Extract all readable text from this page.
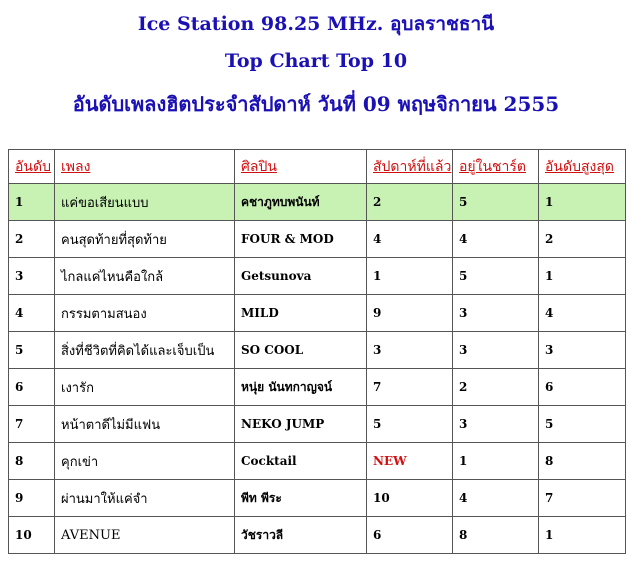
Ice Station 98.25 MHz. อุบลราชธานี
Top Chart Top 10
อันดับเพลงฮิตประจำสัปดาห์ วันที่ 09 พฤษจิกายน 2555
อันดับ	เพลง	ศิลปิน	สัปดาห์ที่แล้ว	อยู่ในชาร์ต	อันดับสูงสุด
1	แค่ขอเสียนแบบ	คชาภูทบพนันท์	2	5	1
2	คนสุดท้ายที่สุดท้าย	FOUR & MOD	4	4	2
3	ไกลแค่ไหนคือใกล้	Getsunova	1	5	1
4	กรรมตามสนอง	MILD	9	3	4
5	สิ่งที่ชีวิตที่คิดได้และเจ็บเป็น	SO COOL	3	3	3
6	เงารัก	หนุ่ย นันทกาญจน์	7	2	6
7	หน้าตาดีไม่มีแฟน	NEKO JUMP	5	3	5
8	คุกเข่า	Cocktail	NEW	1	8
9	ผ่านมาให้แค่จำ	พีท พีระ	10	4	7
10	AVENUE	วัชราวลี	6	8	1
